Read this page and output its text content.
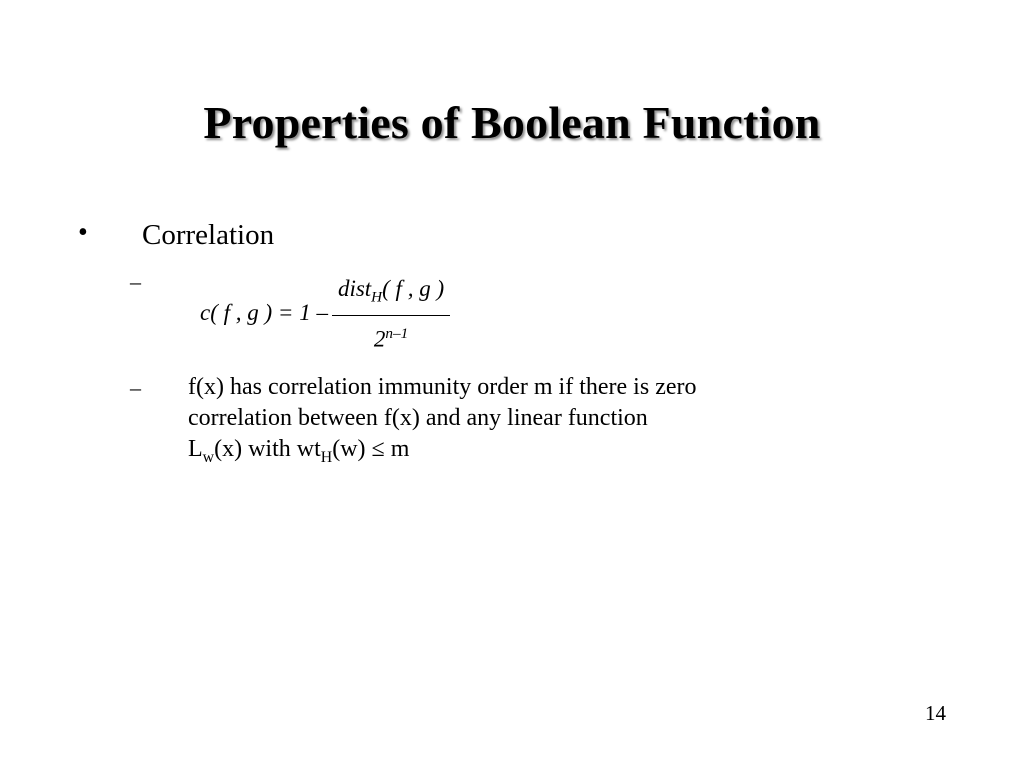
Properties of Boolean Function
• Correlation
–
c( f , g ) = $1 - \frac{dist_H( f , g )}{2^{n-1}}$
– f(x) has correlation immunity order m if there is zero
correlation between f(x) and any linear function
$L_w(x)$ with $wt_H(w) \le m$
14
